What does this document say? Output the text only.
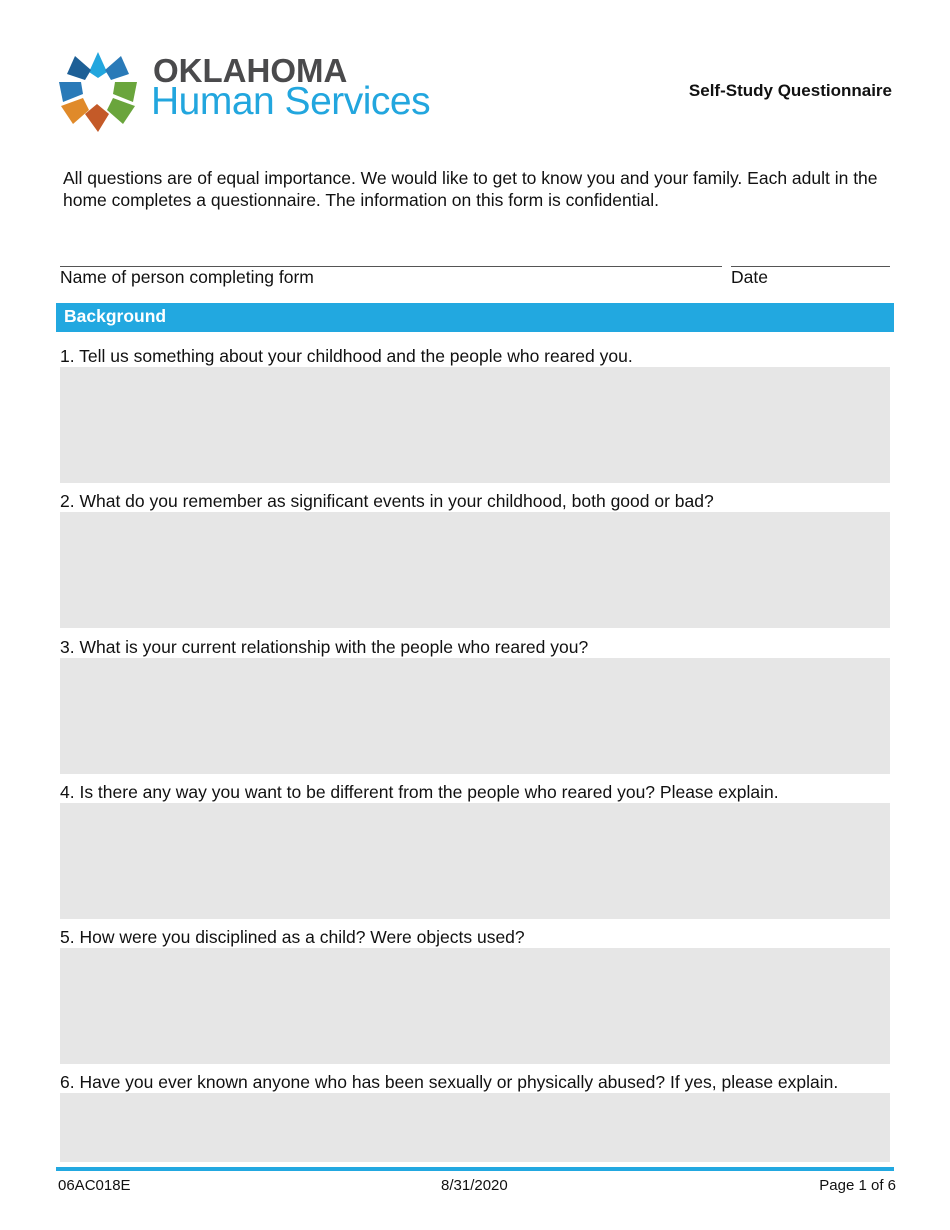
OKLAHOMA
Human Services	Self-Study Questionnaire
All questions are of equal importance. We would like to get to know you and your family. Each adult in the home completes a questionnaire. The information on this form is confidential.
Name of person completing form	Date
Background
1. Tell us something about your childhood and the people who reared you.
2. What do you remember as significant events in your childhood, both good or bad?
3. What is your current relationship with the people who reared you?
4. Is there any way you want to be different from the people who reared you? Please explain.
5. How were you disciplined as a child? Were objects used?
6. Have you ever known anyone who has been sexually or physically abused? If yes, please explain.
06AC018E	8/31/2020	Page 1 of 6
